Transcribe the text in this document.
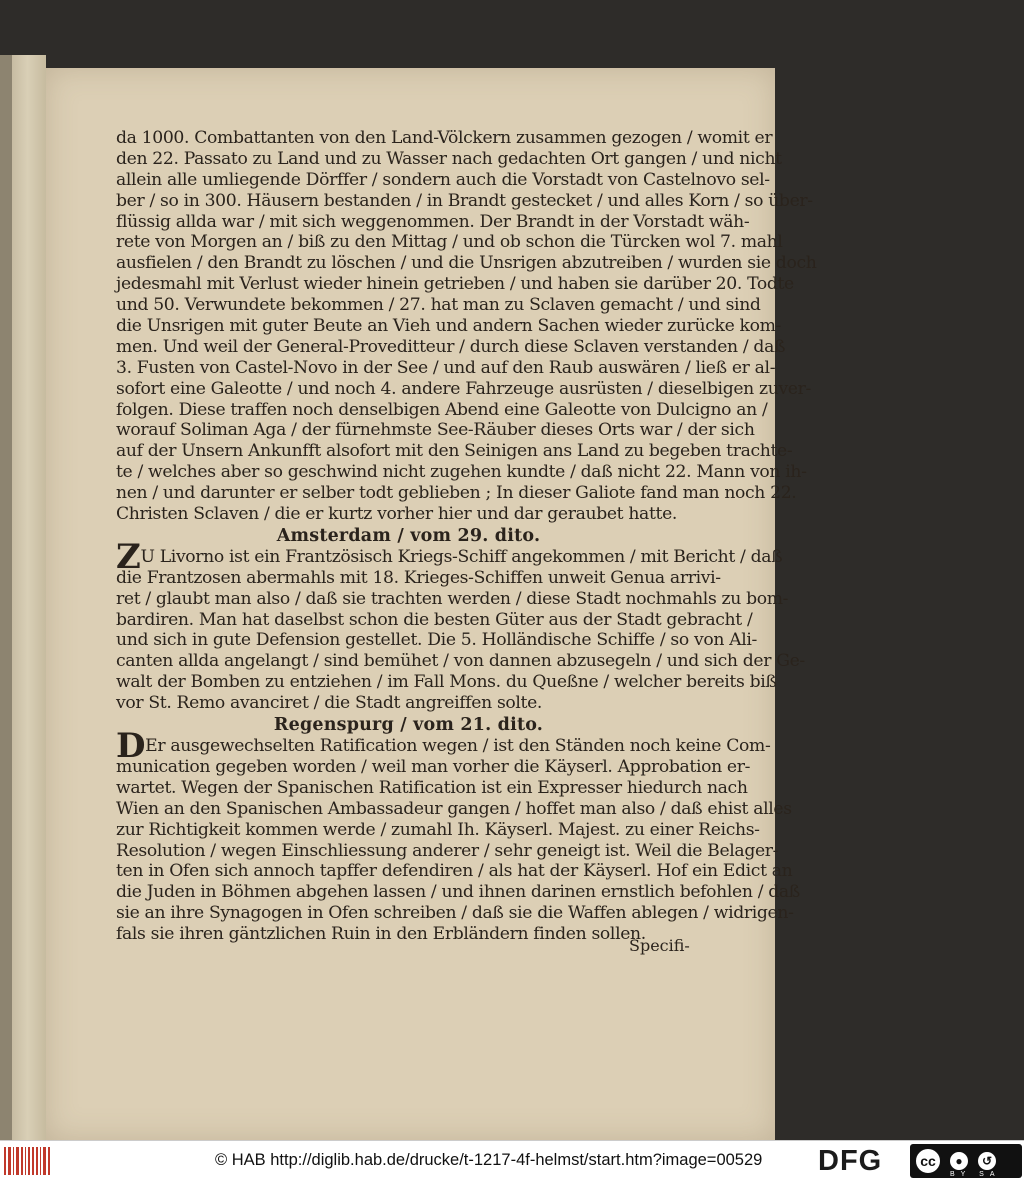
da 1000. Combattanten von den Land-Völckern zusammen gezogen / womit er
den 22. Passato zu Land und zu Wasser nach gedachten Ort gangen / und nicht
allein alle umliegende Dörffer / sondern auch die Vorstadt von Castelnovo sel-
ber / so in 300. Häusern bestanden / in Brandt gestecket / und alles Korn / so über-
flüssig allda war / mit sich weggenommen. Der Brandt in der Vorstadt wäh-
rete von Morgen an / biß zu den Mittag / und ob schon die Türcken wol 7. mahl
ausfielen / den Brandt zu löschen / und die Unsrigen abzutreiben / wurden sie doch
jedesmahl mit Verlust wieder hinein getrieben / und haben sie darüber 20. Todte
und 50. Verwundete bekommen / 27. hat man zu Sclaven gemacht / und sind
die Unsrigen mit guter Beute an Vieh und andern Sachen wieder zurücke kom-
men. Und weil der General-Proveditteur / durch diese Sclaven verstanden / daß
3. Fusten von Castel-Novo in der See / und auf den Raub auswären / ließ er al-
sofort eine Galeotte / und noch 4. andere Fahrzeuge ausrüsten / dieselbigen zuver-
folgen. Diese traffen noch denselbigen Abend eine Galeotte von Dulcigno an /
worauf Soliman Aga / der fürnehmste See-Räuber dieses Orts war / der sich
auf der Unsern Ankunfft alsofort mit den Seinigen ans Land zu begeben trachte-
te / welches aber so geschwind nicht zugehen kundte / daß nicht 22. Mann von ih-
nen / und darunter er selber todt geblieben ; In dieser Galiote fand man noch 22.
Christen Sclaven / die er kurtz vorher hier und dar geraubet hatte.
Amsterdam / vom 29. dito.
ZU Livorno ist ein Frantzösisch Kriegs-Schiff angekommen / mit Bericht / daß
die Frantzosen abermahls mit 18. Krieges-Schiffen unweit Genua arrivi-
ret / glaubt man also / daß sie trachten werden / diese Stadt nochmahls zu bom-
bardiren. Man hat daselbst schon die besten Güter aus der Stadt gebracht /
und sich in gute Defension gestellet. Die 5. Holländische Schiffe / so von Ali-
canten allda angelangt / sind bemühet / von dannen abzusegeln / und sich der Ge-
walt der Bomben zu entziehen / im Fall Mons. du Queßne / welcher bereits biß
vor St. Remo avanciret / die Stadt angreiffen solte.
Regenspurg / vom 21. dito.
DEr ausgewechselten Ratification wegen / ist den Ständen noch keine Com-
munication gegeben worden / weil man vorher die Käyserl. Approbation er-
wartet. Wegen der Spanischen Ratification ist ein Expresser hiedurch nach
Wien an den Spanischen Ambassadeur gangen / hoffet man also / daß ehist alles
zur Richtigkeit kommen werde / zumahl Ih. Käyserl. Majest. zu einer Reichs-
Resolution / wegen Einschliessung anderer / sehr geneigt ist. Weil die Belager-
ten in Ofen sich annoch tapffer defendiren / als hat der Käyserl. Hof ein Edict an
die Juden in Böhmen abgehen lassen / und ihnen darinen ernstlich befohlen / daß
sie an ihre Synagogen in Ofen schreiben / daß sie die Waffen ablegen / widrigen-
fals sie ihren gäntzlichen Ruin in den Erbländern finden sollen.
Specifi-
© HAB http://diglib.hab.de/drucke/t-1217-4f-helmst/start.htm?image=00529 DFG	cc	●	↺
BY SA
